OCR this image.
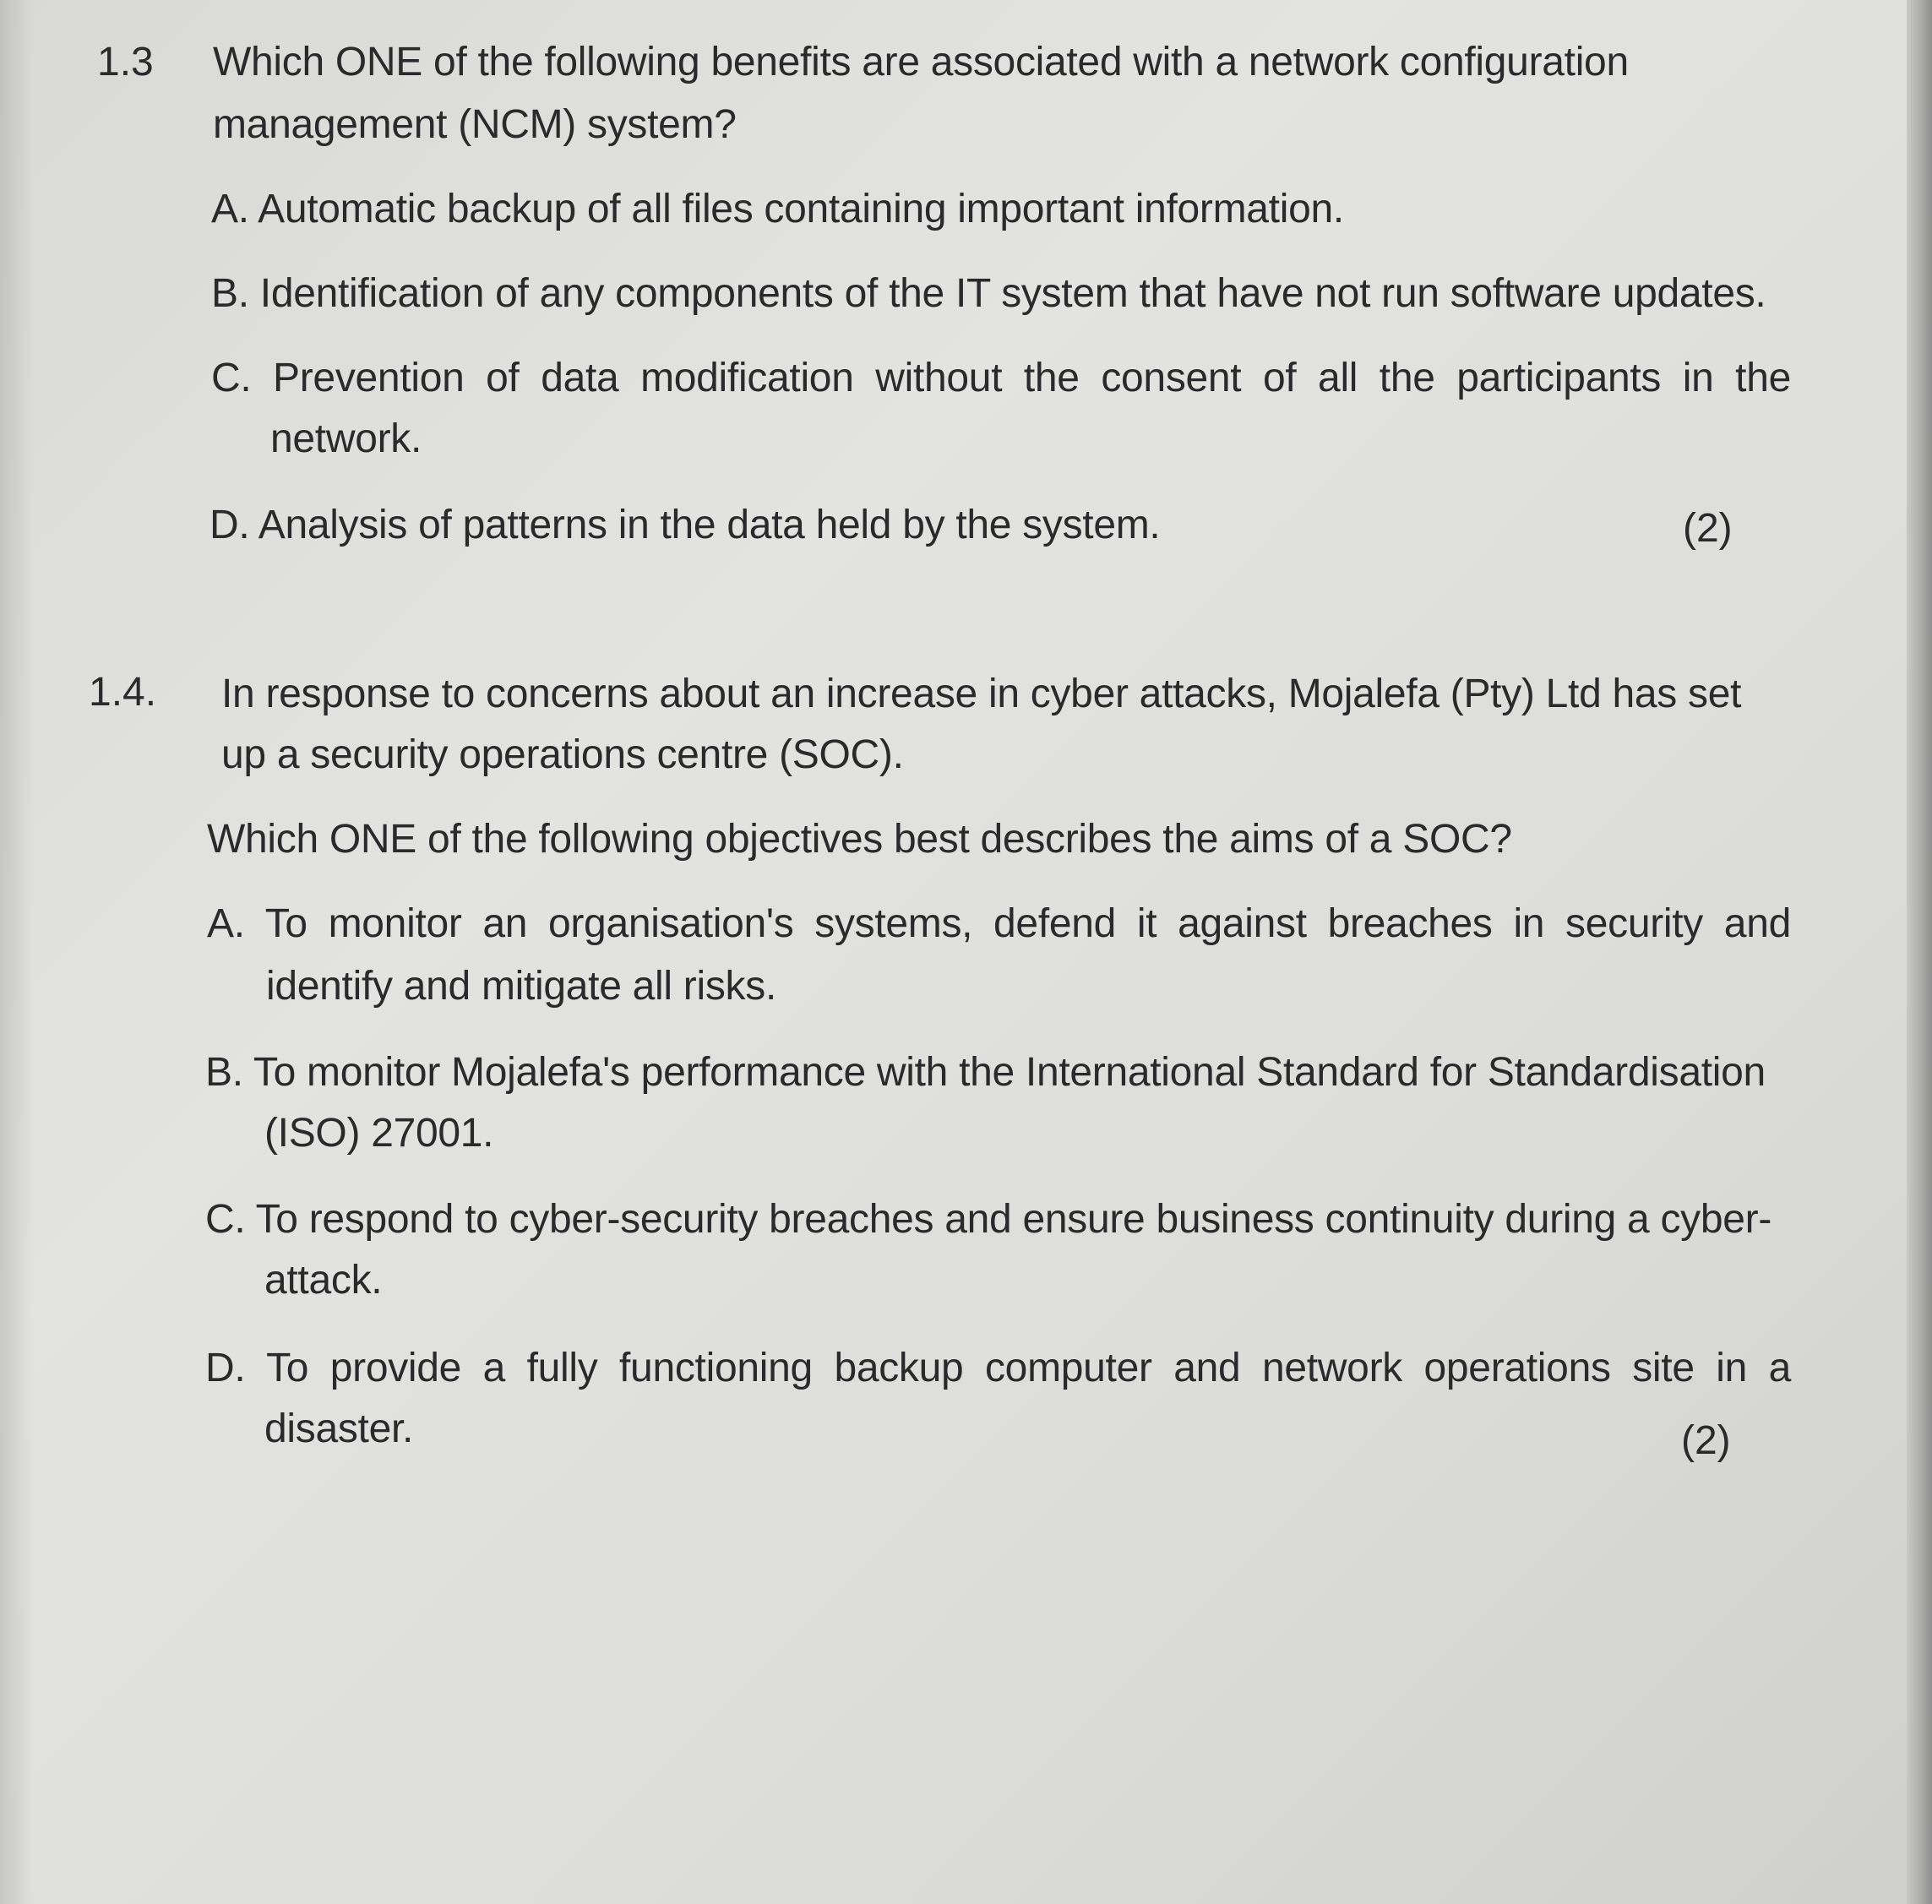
1.3 Which ONE of the following benefits are associated with a network configuration
management (NCM) system?
A. Automatic backup of all files containing important information.
B. Identification of any components of the IT system that have not run software updates.
C. Prevention of data modification without the consent of all the participants in the
network.
D. Analysis of patterns in the data held by the system.	(2)
1.4. In response to concerns about an increase in cyber attacks, Mojalefa (Pty) Ltd has set
up a security operations centre (SOC).
Which ONE of the following objectives best describes the aims of a SOC?
A. To monitor an organisation's systems, defend it against breaches in security and
identify and mitigate all risks.
B. To monitor Mojalefa's performance with the International Standard for Standardisation
(ISO) 27001.
C. To respond to cyber-security breaches and ensure business continuity during a cyber-
attack.
D. To provide a fully functioning backup computer and network operations site in a
disaster.	(2)
